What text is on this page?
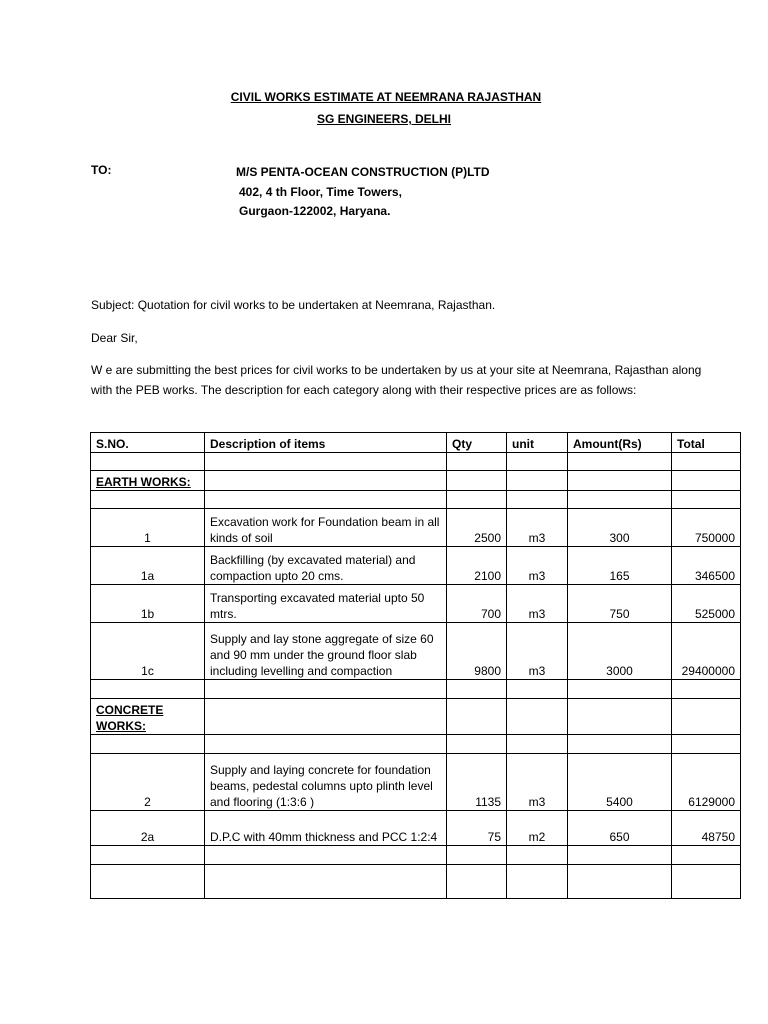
CIVIL WORKS ESTIMATE AT NEEMRANA RAJASTHAN
SG ENGINEERS, DELHI
TO:	M/S PENTA-OCEAN CONSTRUCTION (P)LTD
402, 4 th Floor, Time Towers,
Gurgaon-122002, Haryana.
Subject: Quotation for civil works to be undertaken at Neemrana, Rajasthan.
Dear Sir,
W e are submitting the best prices for civil works to be undertaken by us at your site at Neemrana, Rajasthan along with the PEB works. The description for each category along with their respective prices are as follows:
S.NO.	Description of items	Qty	unit	Amount(Rs)	Total

EARTH WORKS:					

1	Excavation work for Foundation beam in all kinds of soil	2500	m3	300	750000
1a	Backfilling (by excavated material) and compaction upto 20 cms.	2100	m3	165	346500
1b	Transporting excavated material upto 50 mtrs.	700	m3	750	525000
1c	Supply and lay stone aggregate of size 60 and 90 mm under the ground floor slab including levelling and compaction	9800	m3	3000	29400000

CONCRETE
WORKS:					

2	Supply and laying concrete for foundation beams, pedestal columns upto plinth level and flooring (1:3:6 )	1135	m3	5400	6129000
2a	D.P.C with 40mm thickness and PCC 1:2:4	75	m2	650	48750
